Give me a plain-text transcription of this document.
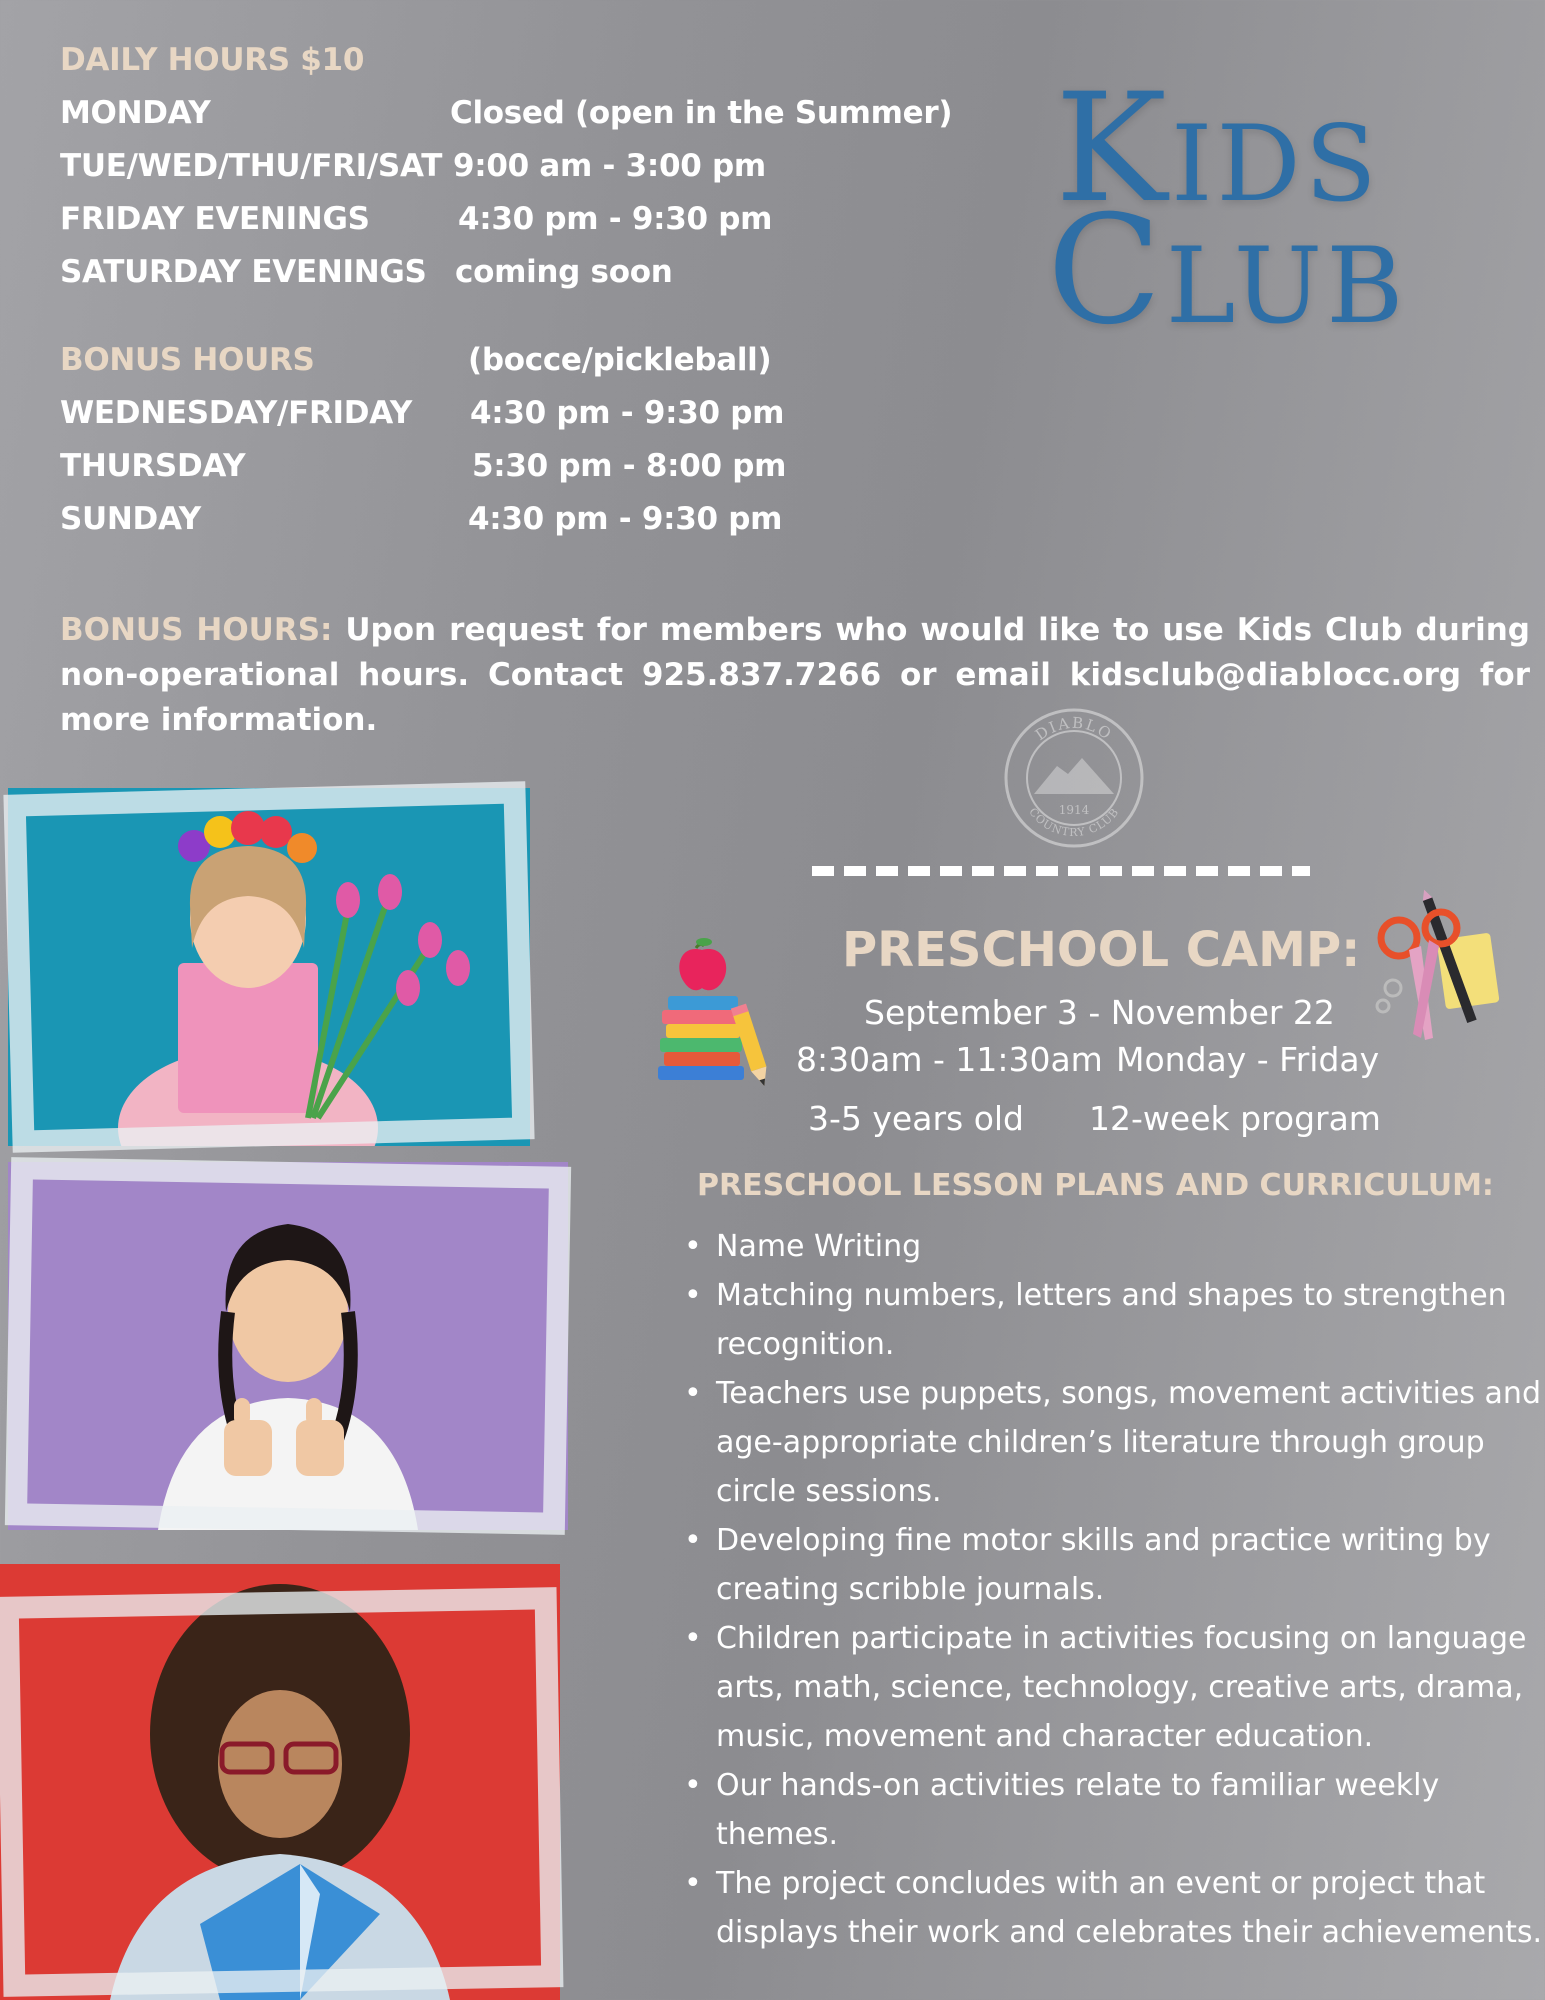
DAILY HOURS $10
MONDAY	Closed (open in the Summer)
TUE/WED/THU/FRI/SAT 9:00 am - 3:00 pm
FRIDAY EVENINGS	4:30 pm - 9:30 pm
SATURDAY EVENINGS coming soon
BONUS HOURS	(bocce/pickleball)
WEDNESDAY/FRIDAY 4:30 pm - 9:30 pm
THURSDAY	5:30 pm - 8:00 pm
SUNDAY	4:30 pm - 9:30 pm
Kids
Club
BONUS HOURS: Upon request for members who would like to use Kids Club during non-operational hours. Contact 925.837.7266 or email kidsclub@diablocc.org for more information.	DIABLO
1914
COUNTRY CLUB
PRESCHOOL CAMP:
September 3 - November 22
8:30am - 11:30am Monday - Friday
3-5 years old 12-week program
PRESCHOOL LESSON PLANS AND CURRICULUM:
• Name Writing
• Matching numbers, letters and shapes to strengthen recognition.
• Teachers use puppets, songs, movement activities and age-appropriate children’s literature through group circle sessions.
• Developing fine motor skills and practice writing by creating scribble journals.
• Children participate in activities focusing on language arts, math, science, technology, creative arts, drama, music, movement and character education.
• Our hands-on activities relate to familiar weekly themes.
• The project concludes with an event or project that displays their work and celebrates their achievements.
